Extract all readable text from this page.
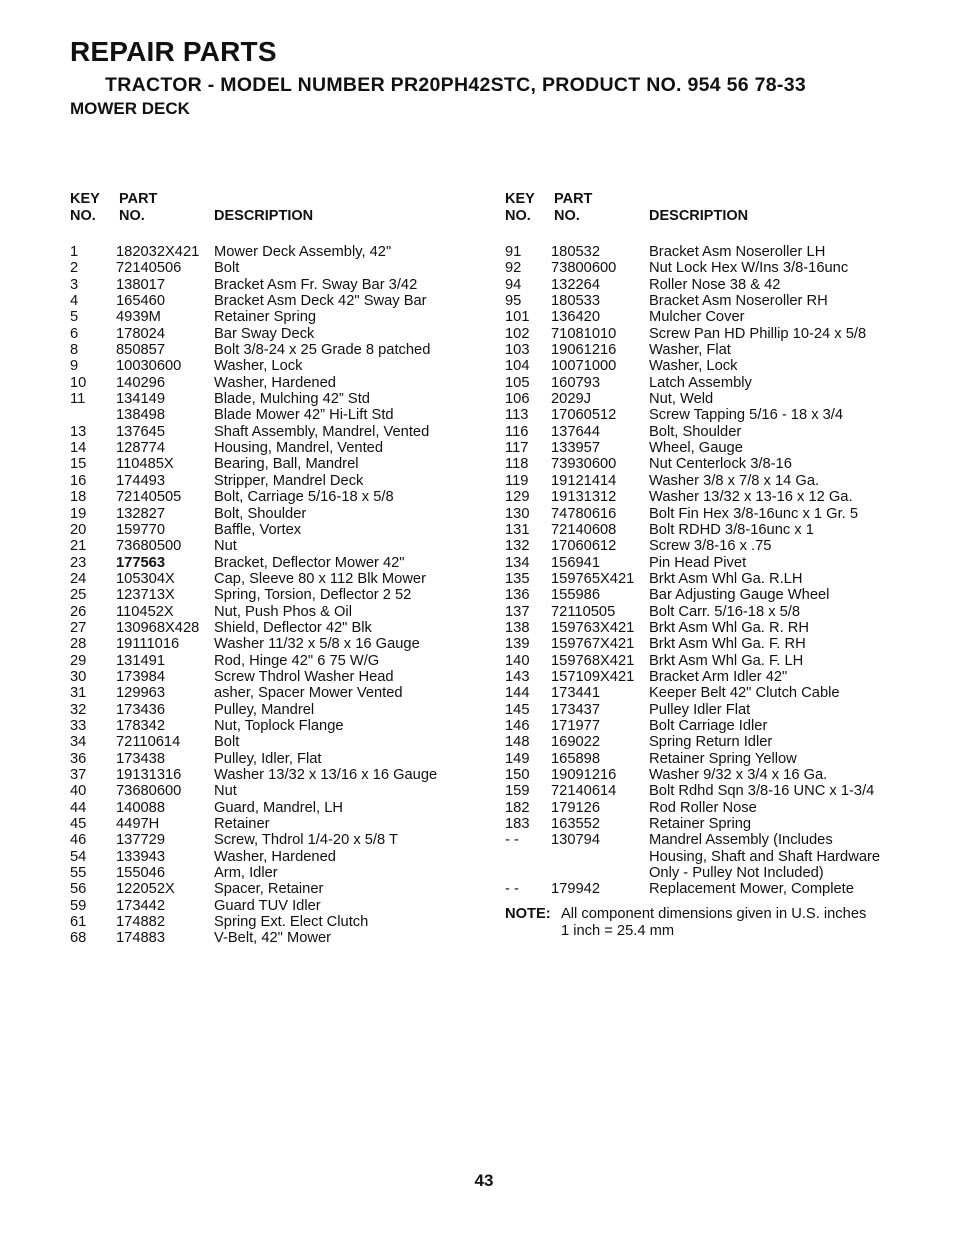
REPAIR PARTS
TRACTOR - MODEL NUMBER PR20PH42STC, PRODUCT NO. 954 56 78-33
MOWER DECK
KEY
NO.
PART
NO.	DESCRIPTION
1	182032X421 Mower Deck Assembly, 42"
2	72140506 Bolt
3	138017	Bracket Asm Fr. Sway Bar 3/42
4	165460	Bracket Asm Deck 42" Sway Bar
5	4939M	Retainer Spring
6	178024	Bar Sway Deck
8	850857	Bolt 3/8-24 x 25 Grade 8 patched
9	10030600 Washer, Lock
10 140296	Washer, Hardened
11 134149	Blade, Mulching 42” Std
138498	Blade Mower 42” Hi-Lift Std
13 137645	Shaft Assembly, Mandrel, Vented
14 128774	Housing, Mandrel, Vented
15 110485X	Bearing, Ball, Mandrel
16 174493	Stripper, Mandrel Deck
18 72140505 Bolt, Carriage 5/16-18 x 5/8
19 132827	Bolt, Shoulder
20 159770	Baffle, Vortex
21 73680500 Nut
23 177563	Bracket, Deflector Mower 42"
24 105304X	Cap, Sleeve 80 x 112 Blk Mower
25 123713X	Spring, Torsion, Deflector 2 52
26 110452X	Nut, Push Phos & Oil
27 130968X428 Shield, Deflector 42" Blk
28 19111016 Washer 11/32 x 5/8 x 16 Gauge
29 131491	Rod, Hinge 42" 6 75 W/G
30 173984	Screw Thdrol Washer Head
31 129963	asher, Spacer Mower Vented
32 173436	Pulley, Mandrel
33 178342	Nut, Toplock Flange
34 72110614 Bolt
36 173438	Pulley, Idler, Flat
37 19131316 Washer 13/32 x 13/16 x 16 Gauge
40 73680600 Nut
44 140088	Guard, Mandrel, LH
45 4497H	Retainer
46 137729	Screw, Thdrol 1/4-20 x 5/8 T
54 133943	Washer, Hardened
55 155046	Arm, Idler
56 122052X	Spacer, Retainer
59 173442	Guard TUV Idler
61 174882	Spring Ext. Elect Clutch
68 174883	V-Belt, 42" Mower
KEY
NO.
PART
NO.	DESCRIPTION
91 180532	Bracket Asm Noseroller LH
92 73800600 Nut Lock Hex W/Ins 3/8-16unc
94 132264	Roller Nose 38 & 42
95 180533	Bracket Asm Noseroller RH
101 136420	Mulcher Cover
102 71081010 Screw Pan HD Phillip 10-24 x 5/8
103 19061216 Washer, Flat
104 10071000 Washer, Lock
105 160793	Latch Assembly
106 2029J	Nut, Weld
113 17060512 Screw Tapping 5/16 - 18 x 3/4
116 137644	Bolt, Shoulder
117 133957	Wheel, Gauge
118 73930600 Nut Centerlock 3/8-16
119 19121414 Washer 3/8 x 7/8 x 14 Ga.
129 19131312 Washer 13/32 x 13-16 x 12 Ga.
130 74780616 Bolt Fin Hex 3/8-16unc x 1 Gr. 5
131 72140608 Bolt RDHD 3/8-16unc x 1
132 17060612 Screw 3/8-16 x .75
134 156941	Pin Head Pivet
135 159765X421 Brkt Asm Whl Ga. R.LH
136 155986	Bar Adjusting Gauge Wheel
137 72110505 Bolt Carr. 5/16-18 x 5/8
138 159763X421 Brkt Asm Whl Ga. R. RH
139 159767X421 Brkt Asm Whl Ga. F. RH
140 159768X421 Brkt Asm Whl Ga. F. LH
143 157109X421 Bracket Arm Idler 42"
144 173441	Keeper Belt 42" Clutch Cable
145 173437	Pulley Idler Flat
146 171977	Bolt Carriage Idler
148 169022	Spring Return Idler
149 165898	Retainer Spring Yellow
150 19091216 Washer 9/32 x 3/4 x 16 Ga.
159 72140614 Bolt Rdhd Sqn 3/8-16 UNC x 1-3/4
182 179126	Rod Roller Nose
183 163552	Retainer Spring
- - 130794	Mandrel Assembly (Includes
Housing, Shaft and Shaft Hardware
Only - Pulley Not Included)
- - 179942	Replacement Mower, Complete
NOTE: All component dimensions given in U.S. inches
1 inch = 25.4 mm
43
